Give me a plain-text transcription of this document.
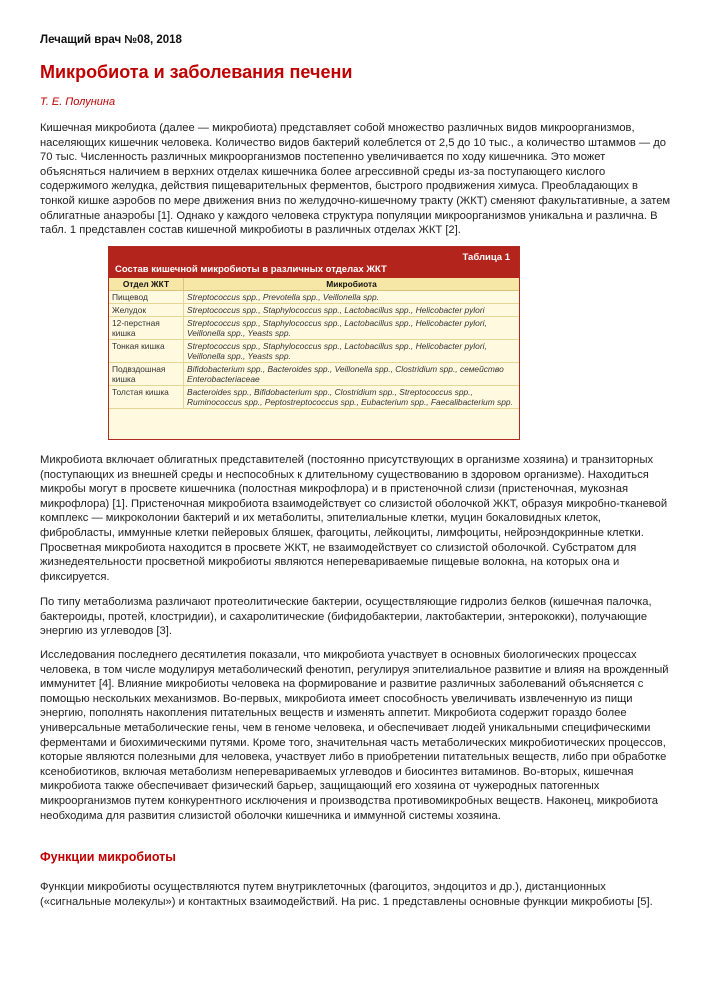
Лечащий врач №08, 2018
Микробиота и заболевания печени
Т. Е. Полунина

Кишечная микробиота (далее — микробиота) представляет собой множество различных видов микроорганизмов, населяющих кишечник человека. Количество видов бактерий колеблется от 2,5 до 10 тыс., а количество штаммов — до 70 тыс. Численность различных микроорганизмов постепенно увеличивается по ходу кишечника. Это может объясняться наличием в верхних отделах кишечника более агрессивной среды из-за поступающего кислого содержимого желудка, действия пищеварительных ферментов, быстрого продвижения химуса. Преобладающих в тонкой кишке аэробов по мере движения вниз по желудочно-кишечному тракту (ЖКТ) сменяют факультативные, а затем облигатные анаэробы [1]. Однако у каждого человека структура популяции микроорганизмов уникальна и различна. В табл. 1 представлен состав кишечной микробиоты в различных отделах ЖКТ [2].

Таблица 1
Состав кишечной микробиоты в различных отделах ЖКТ
Отдел ЖКТ	Микробиота
Пищевод	Streptococcus spp., Prevotella spp., Veillonella spp.
Желудок	Streptococcus spp., Staphylococcus spp., Lactobacillus spp., Helicobacter pylori
12-перстная кишка	Streptococcus spp., Staphylococcus spp., Lactobacillus spp., Helicobacter pylori, Veillonella spp., Yeasts spp.
Тонкая кишка	Streptococcus spp., Staphylococcus spp., Lactobacillus spp., Helicobacter pylori, Veillonella spp., Yeasts spp.
Подвздошная кишка	Bifidobacterium spp., Bacteroides spp., Veillonella spp., Clostridium spp., семейство Enterobacteriaceae
Толстая кишка	Bacteroides spp., Bifidobacterium spp., Clostridium spp., Streptococcus spp., Ruminococcus spp., Peptostreptococcus spp., Eubacterium spp., Faecalibacterium spp.

Микробиота включает облигатных представителей (постоянно присутствующих в организме хозяина) и транзиторных (поступающих из внешней среды и неспособных к длительному существованию в здоровом организме). Находиться микробы могут в просвете кишечника (полостная микрофлора) и в пристеночной слизи (пристеночная, мукозная микрофлора) [1]. Пристеночная микробиота взаимодействует со слизистой оболочкой ЖКТ, образуя микробно-тканевой комплекс — микроколонии бактерий и их метаболиты, эпителиальные клетки, муцин бокаловидных клеток, фибробласты, иммунные клетки пейеровых бляшек, фагоциты, лейкоциты, лимфоциты, нейроэндокринные клетки. Просветная микробиота находится в просвете ЖКТ, не взаимодействует со слизистой оболочкой. Субстратом для жизнедеятельности просветной микробиоты являются неперевариваемые пищевые волокна, на которых она и фиксируется.

По типу метаболизма различают протеолитические бактерии, осуществляющие гидролиз белков (кишечная палочка, бактероиды, протей, клостридии), и сахаролитические (бифидобактерии, лактобактерии, энтерококки), получающие энергию из углеводов [3].

Исследования последнего десятилетия показали, что микробиота участвует в основных биологических процессах человека, в том числе модулируя метаболический фенотип, регулируя эпителиальное развитие и влияя на врожденный иммунитет [4]. Влияние микробиоты человека на формирование и развитие различных заболеваний объясняется с помощью нескольких механизмов. Во-первых, микробиота имеет способность увеличивать извлеченную из пищи энергию, пополнять накопления питательных веществ и изменять аппетит. Микробиота содержит гораздо более универсальные метаболические гены, чем в геноме человека, и обеспечивает людей уникальными специфическими ферментами и биохимическими путями. Кроме того, значительная часть метаболических микробиотических процессов, которые являются полезными для человека, участвует либо в приобретении питательных веществ, либо при обработке ксенобиотиков, включая метаболизм неперевариваемых углеводов и биосинтез витаминов. Во-вторых, кишечная микробиота также обеспечивает физический барьер, защищающий его хозяина от чужеродных патогенных микроорганизмов путем конкурентного исключения и производства противомикробных веществ. Наконец, микробиота необходима для развития слизистой оболочки кишечника и иммунной системы хозяина.

Функции микробиоты

Функции микробиоты осуществляются путем внутриклеточных (фагоцитоз, эндоцитоз и др.), дистанционных («сигнальные молекулы») и контактных взаимодействий. На рис. 1 представлены основные функции микробиоты [5].
